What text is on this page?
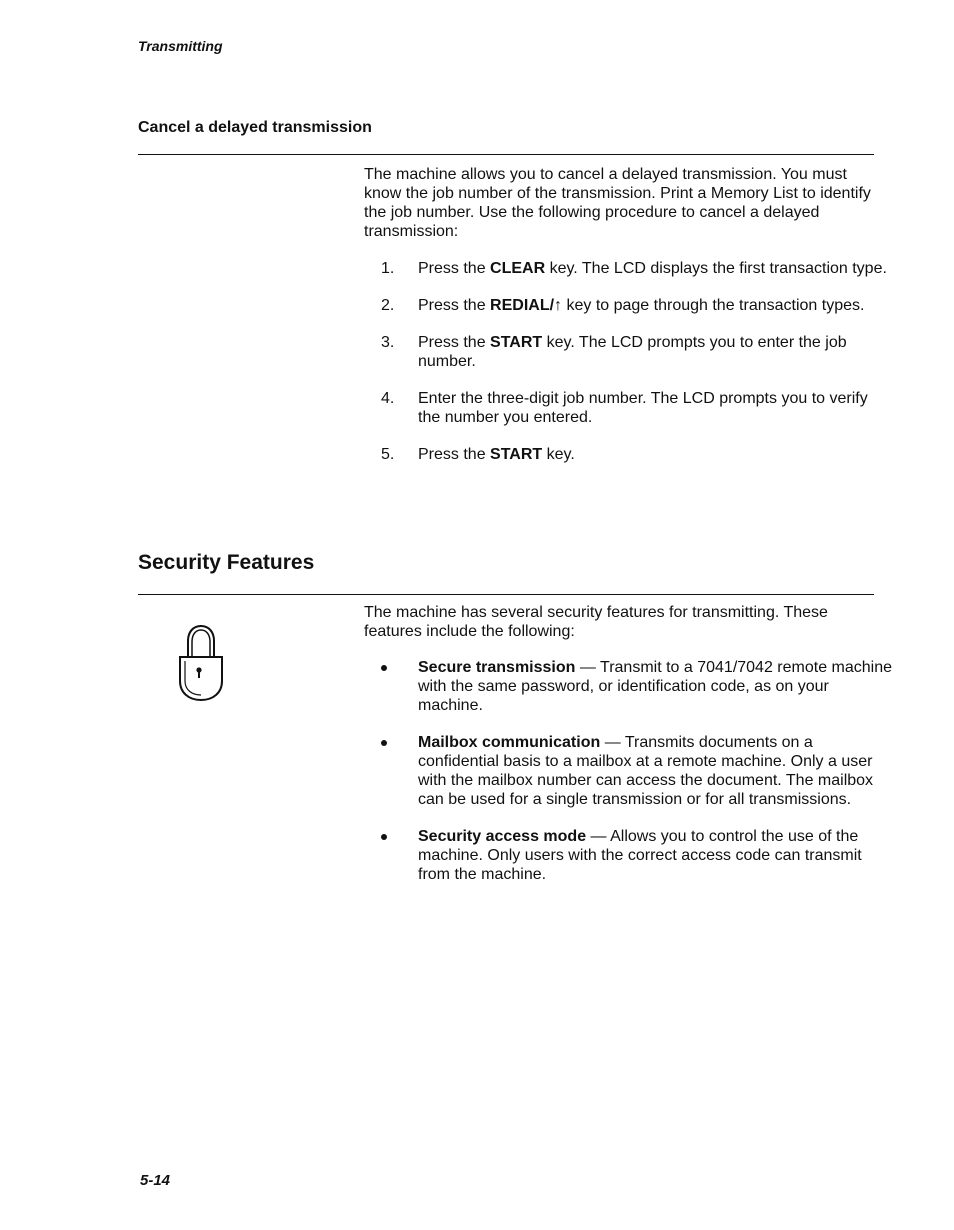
Transmitting
Cancel a delayed transmission

The machine allows you to cancel a delayed transmission. You must know the job number of the transmission. Print a Memory List to identify the job number. Use the following procedure to cancel a delayed transmission:

1. Press the CLEAR key. The LCD displays the first transaction type.
2. Press the REDIAL/↑ key to page through the transaction types.
3. Press the START key. The LCD prompts you to enter the job number.
4. Enter the three-digit job number. The LCD prompts you to verify the number you entered.
5. Press the START key.
Security Features

The machine has several security features for transmitting. These features include the following:

Secure transmission — Transmit to a 7041/7042 remote machine with the same password, or identification code, as on your machine.
Mailbox communication — Transmits documents on a confidential basis to a mailbox at a remote machine. Only a user with the mailbox number can access the document. The mailbox can be used for a single transmission or for all transmissions.
Security access mode — Allows you to control the use of the machine. Only users with the correct access code can transmit from the machine.
5-14
